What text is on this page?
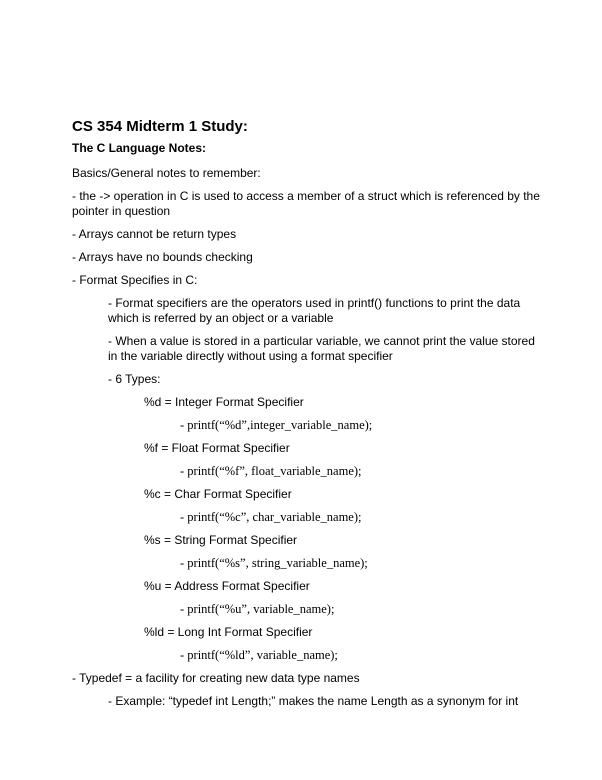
CS 354 Midterm 1 Study:
The C Language Notes:
Basics/General notes to remember:
- the -> operation in C is used to access a member of a struct which is referenced by the
pointer in question
- Arrays cannot be return types
- Arrays have no bounds checking
- Format Specifies in C:
- Format specifiers are the operators used in printf() functions to print the data
which is referred by an object or a variable
- When a value is stored in a particular variable, we cannot print the value stored
in the variable directly without using a format specifier
- 6 Types:
%d = Integer Format Specifier
- printf(“%d”,integer_variable_name);
%f = Float Format Specifier
- printf(“%f”, float_variable_name);
%c = Char Format Specifier
- printf(“%c”, char_variable_name);
%s = String Format Specifier
- printf(“%s”, string_variable_name);
%u = Address Format Specifier
- printf(“%u”, variable_name);
%ld = Long Int Format Specifier
- printf(“%ld”, variable_name);
- Typedef = a facility for creating new data type names
- Example: “typedef int Length;” makes the name Length as a synonym for int
